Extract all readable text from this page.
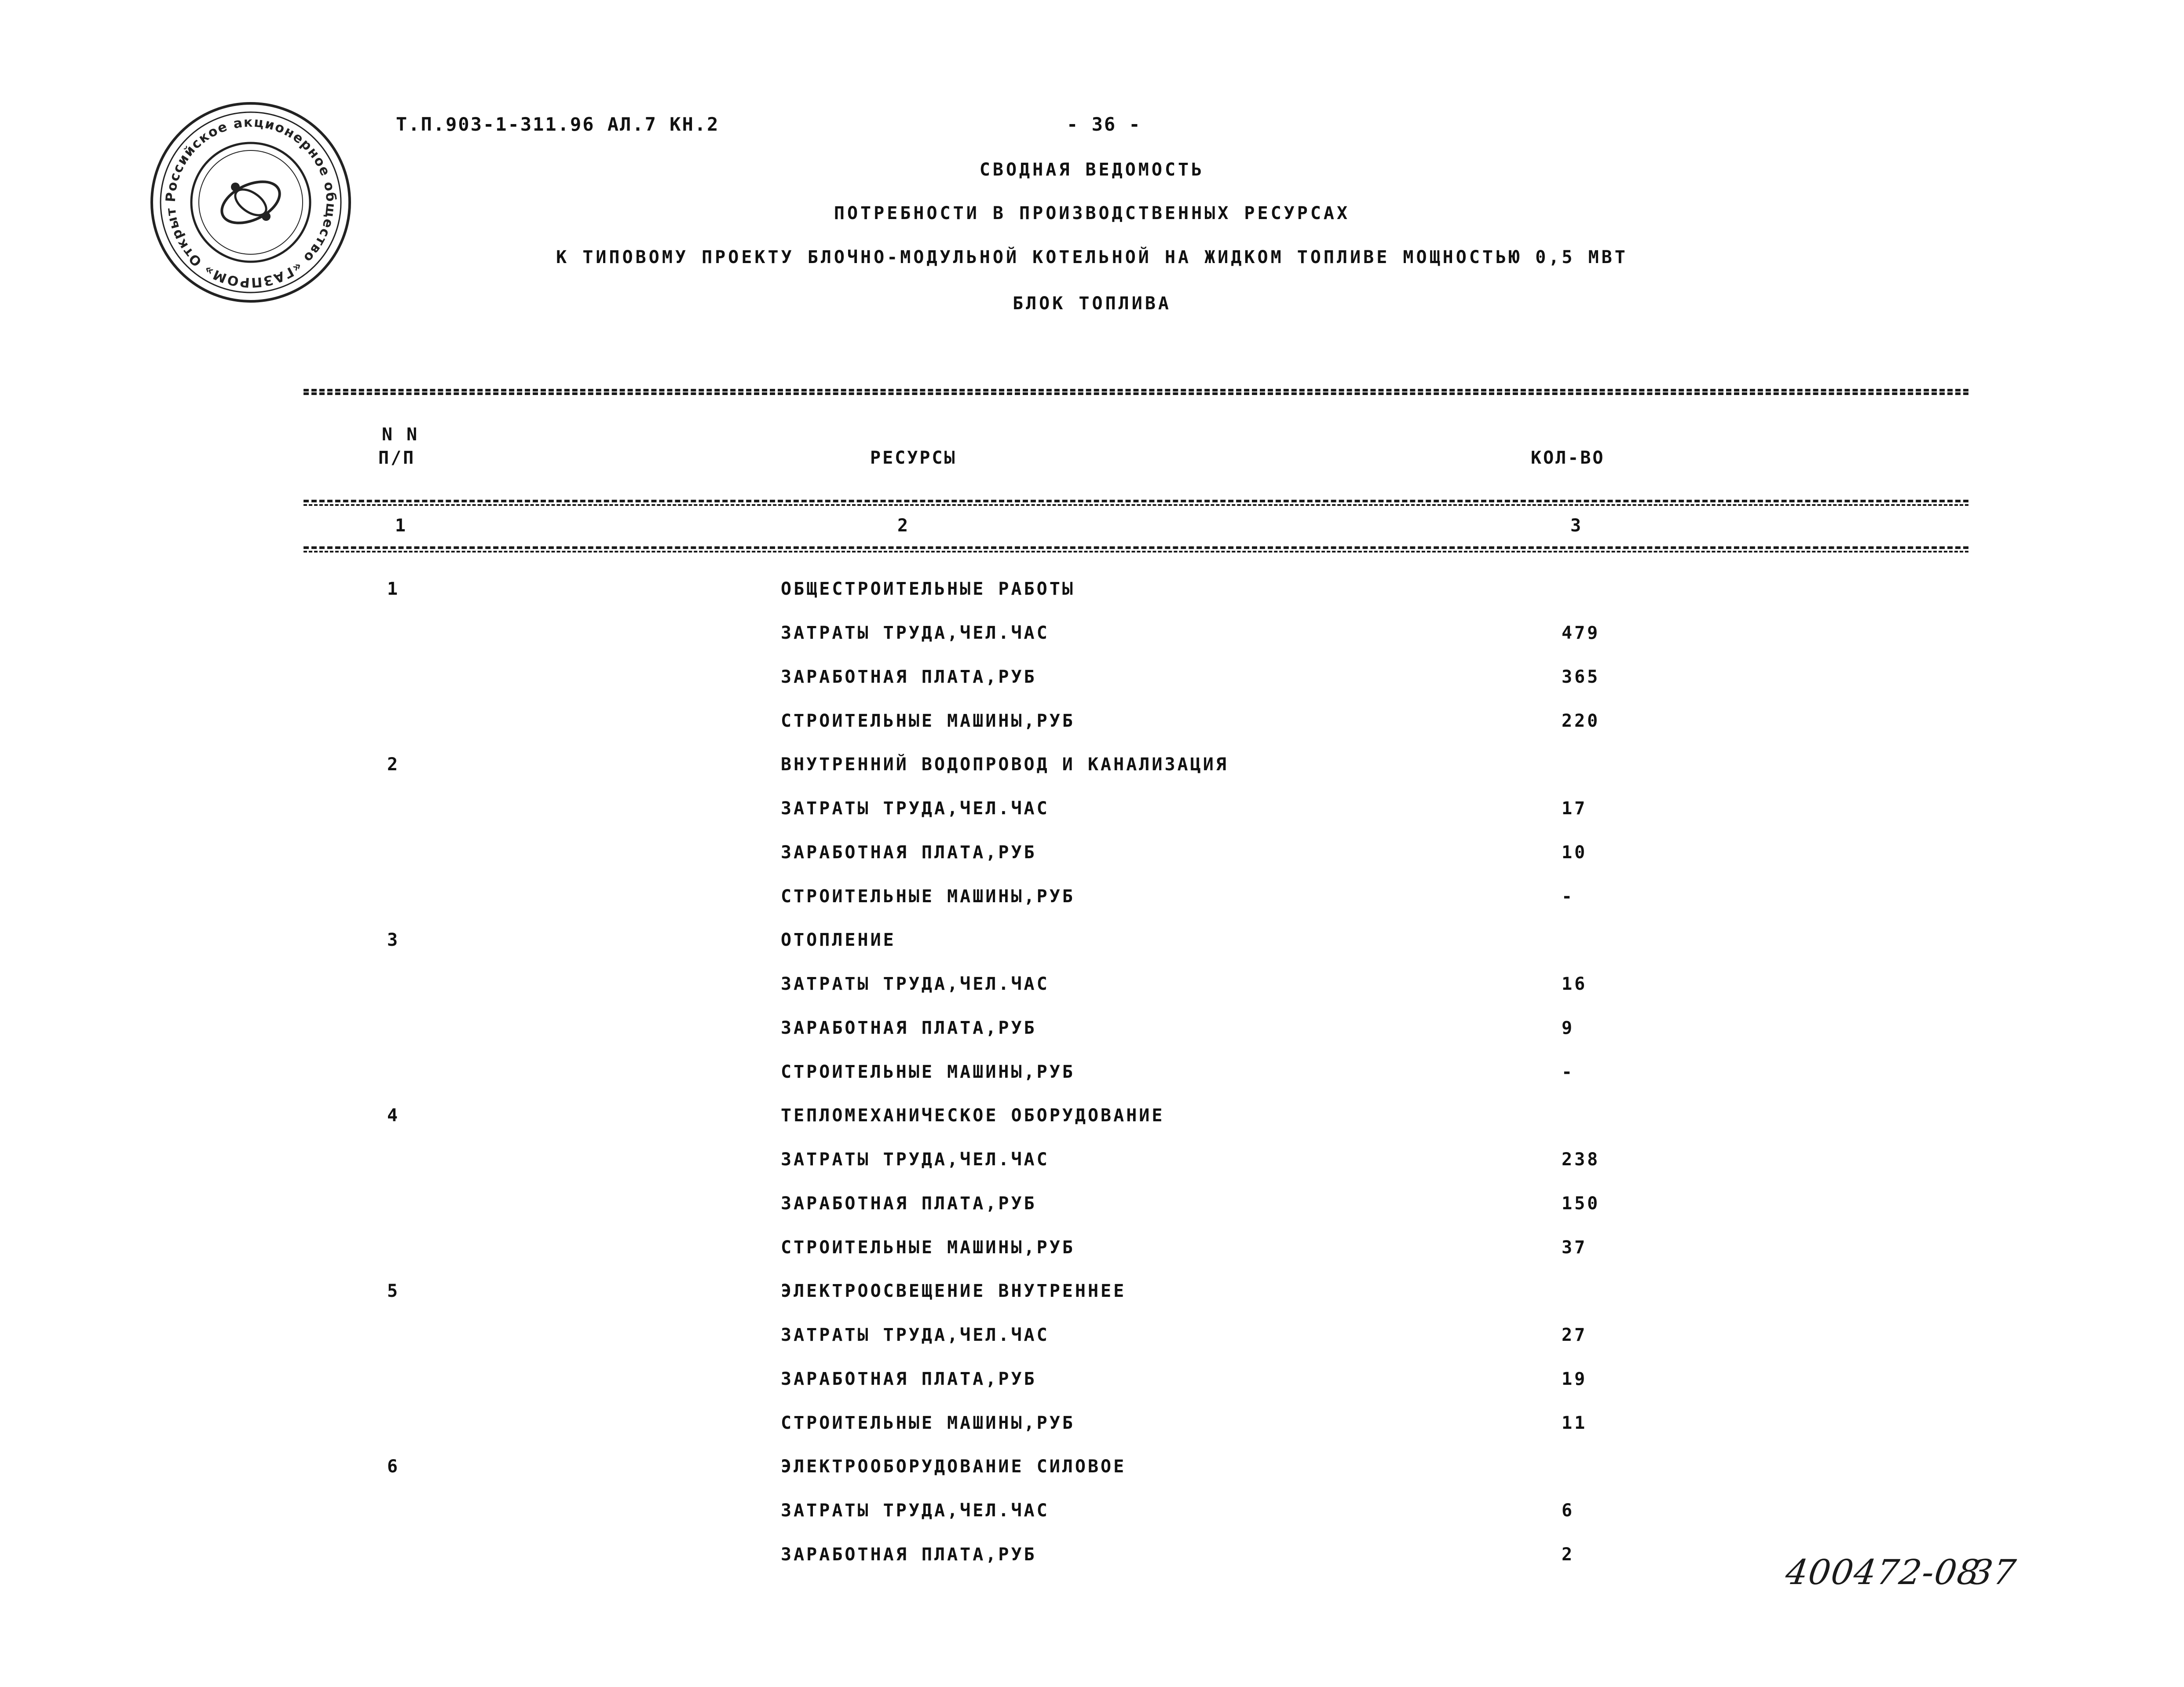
Российское акционерное общество «ГАЗПРОМ» Открыт
Т.П.903-1-311.96 АЛ.7 КН.2	- 36 -
СВОДНАЯ ВЕДОМОСТЬ
ПОТРЕБНОСТИ В ПРОИЗВОДСТВЕННЫХ РЕСУРСАХ
К ТИПОВОМУ ПРОЕКТУ БЛОЧНО-МОДУЛЬНОЙ КОТЕЛЬНОЙ НА ЖИДКОМ ТОПЛИВЕ МОЩНОСТЬЮ 0,5 МВТ
БЛОК ТОПЛИВА
N N
П/П	РЕСУРСЫ	КОЛ-ВО
1	2	3
1	ОБЩЕСТРОИТЕЛЬНЫЕ РАБОТЫ
ЗАТРАТЫ ТРУДА,ЧЕЛ.ЧАС	479
ЗАРАБОТНАЯ ПЛАТА,РУБ	365
СТРОИТЕЛЬНЫЕ МАШИНЫ,РУБ	220
2	ВНУТРЕННИЙ ВОДОПРОВОД И КАНАЛИЗАЦИЯ
ЗАТРАТЫ ТРУДА,ЧЕЛ.ЧАС	17
ЗАРАБОТНАЯ ПЛАТА,РУБ	10
СТРОИТЕЛЬНЫЕ МАШИНЫ,РУБ	-
3	ОТОПЛЕНИЕ
ЗАТРАТЫ ТРУДА,ЧЕЛ.ЧАС	16
ЗАРАБОТНАЯ ПЛАТА,РУБ	9
СТРОИТЕЛЬНЫЕ МАШИНЫ,РУБ	-
4	ТЕПЛОМЕХАНИЧЕСКОЕ ОБОРУДОВАНИЕ
ЗАТРАТЫ ТРУДА,ЧЕЛ.ЧАС	238
ЗАРАБОТНАЯ ПЛАТА,РУБ	150
СТРОИТЕЛЬНЫЕ МАШИНЫ,РУБ	37
5	ЭЛЕКТРООСВЕЩЕНИЕ ВНУТРЕННЕЕ
ЗАТРАТЫ ТРУДА,ЧЕЛ.ЧАС	27
ЗАРАБОТНАЯ ПЛАТА,РУБ	19
СТРОИТЕЛЬНЫЕ МАШИНЫ,РУБ	11
6	ЭЛЕКТРООБОРУДОВАНИЕ СИЛОВОЕ
ЗАТРАТЫ ТРУДА,ЧЕЛ.ЧАС	6
ЗАРАБОТНАЯ ПЛАТА,РУБ	2	400472-08
37
